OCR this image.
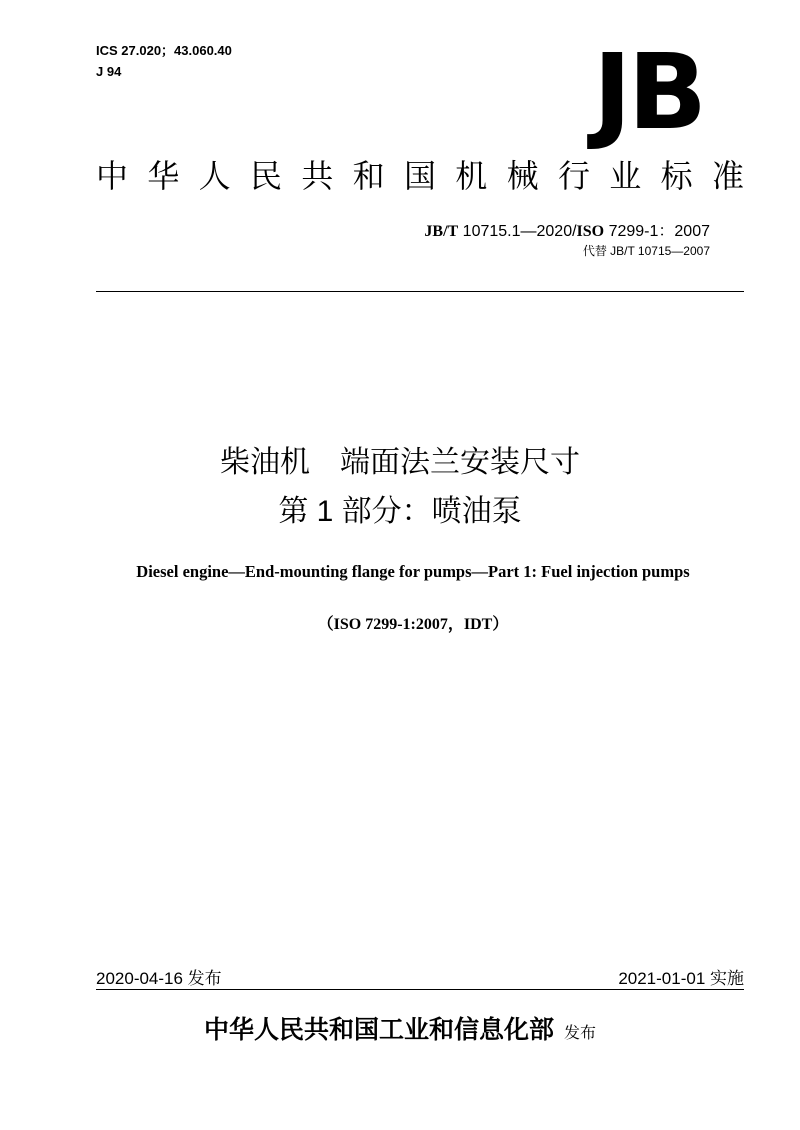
ICS 27.020；43.060.40
J 94	JB
中 华 人 民 共 和 国 机 械 行 业 标 准
JB/T 10715.1—2020/ISO 7299-1：2007
代替 JB/T 10715—2007
柴油机　端面法兰安装尺寸
第 1 部分：喷油泵
Diesel engine—End-mounting flange for pumps—Part 1: Fuel injection pumps
（ISO 7299-1:2007，IDT）
2020-04-16 发布	2021-01-01 实施
中华人民共和国工业和信息化部 发布
